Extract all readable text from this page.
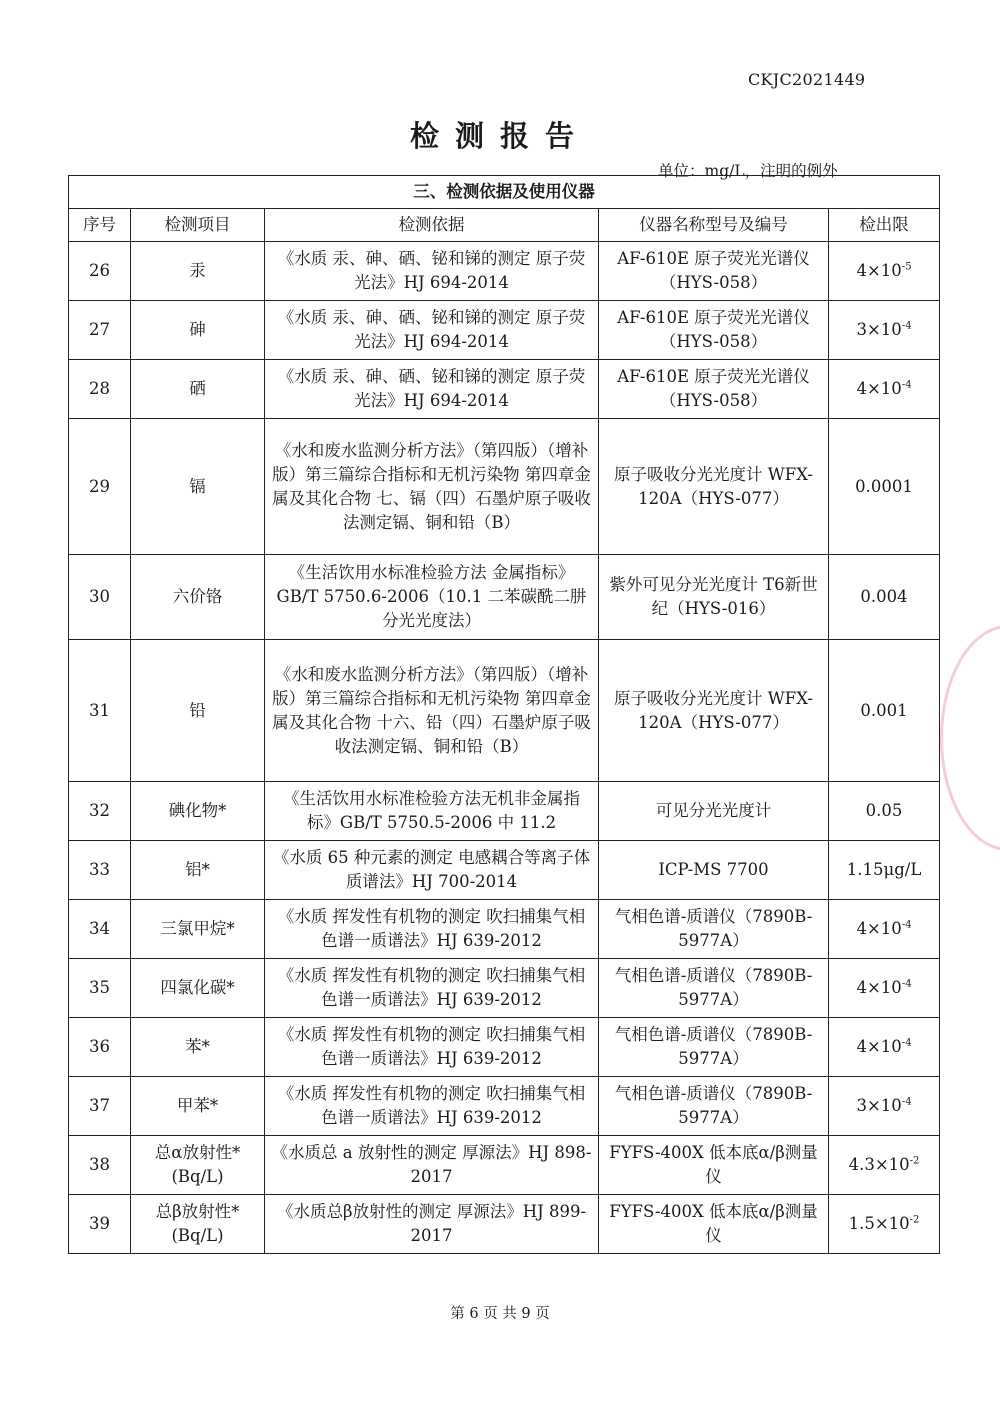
CKJC2021449
检测报告
单位：mg/L，注明的例外
三、检测依据及使用仪器				
序号	检测项目	检测依据	仪器名称型号及编号	检出限
26	汞	《水质 汞、砷、硒、铋和锑的测定 原子荧光法》HJ 694-2014	AF-610E 原子荧光光谱仪（HYS-058）	$4\times 10^{-5}$
27	砷	《水质 汞、砷、硒、铋和锑的测定 原子荧光法》HJ 694-2014	AF-610E 原子荧光光谱仪（HYS-058）	$3\times 10^{-4}$
28	硒	《水质 汞、砷、硒、铋和锑的测定 原子荧光法》HJ 694-2014	AF-610E 原子荧光光谱仪（HYS-058）	$4\times 10^{-4}$
29	镉	《水和废水监测分析方法》（第四版）（增补版）第三篇综合指标和无机污染物 第四章金属及其化合物 七、镉（四）石墨炉原子吸收法测定镉、铜和铅（B）	原子吸收分光光度计 WFX-120A（HYS-077）	0.0001
30	六价铬	《生活饮用水标准检验方法 金属指标》GB/T 5750.6-2006（10.1 二苯碳酰二肼分光光度法）	紫外可见分光光度计 T6新世纪（HYS-016）	0.004
31	铅	《水和废水监测分析方法》（第四版）（增补版）第三篇综合指标和无机污染物 第四章金属及其化合物 十六、铅（四）石墨炉原子吸收法测定镉、铜和铅（B）	原子吸收分光光度计 WFX-120A（HYS-077）	0.001
32	碘化物*	《生活饮用水标准检验方法无机非金属指标》GB/T 5750.5-2006 中 11.2	可见分光光度计	0.05
33	铝*	《水质 65 种元素的测定 电感耦合等离子体质谱法》HJ 700-2014	ICP-MS 7700	1.15μg/L
34	三氯甲烷*	《水质 挥发性有机物的测定 吹扫捕集气相色谱一质谱法》HJ 639-2012	气相色谱-质谱仪（7890B-5977A）	$4\times 10^{-4}$
35	四氯化碳*	《水质 挥发性有机物的测定 吹扫捕集气相色谱一质谱法》HJ 639-2012	气相色谱-质谱仪（7890B-5977A）	$4\times 10^{-4}$
36	苯*	《水质 挥发性有机物的测定 吹扫捕集气相色谱一质谱法》HJ 639-2012	气相色谱-质谱仪（7890B-5977A）	$4\times 10^{-4}$
37	甲苯*	《水质 挥发性有机物的测定 吹扫捕集气相色谱一质谱法》HJ 639-2012	气相色谱-质谱仪（7890B-5977A）	$3\times 10^{-4}$
38	总α放射性*(Bq/L)	《水质总 a 放射性的测定 厚源法》HJ 898-2017	FYFS-400X 低本底α/β测量仪	$4.3\times 10^{-2}$
39	总β放射性*(Bq/L)	《水质总β放射性的测定 厚源法》HJ 899-2017	FYFS-400X 低本底α/β测量仪	$1.5\times 10^{-2}$
第 6 页 共 9 页
